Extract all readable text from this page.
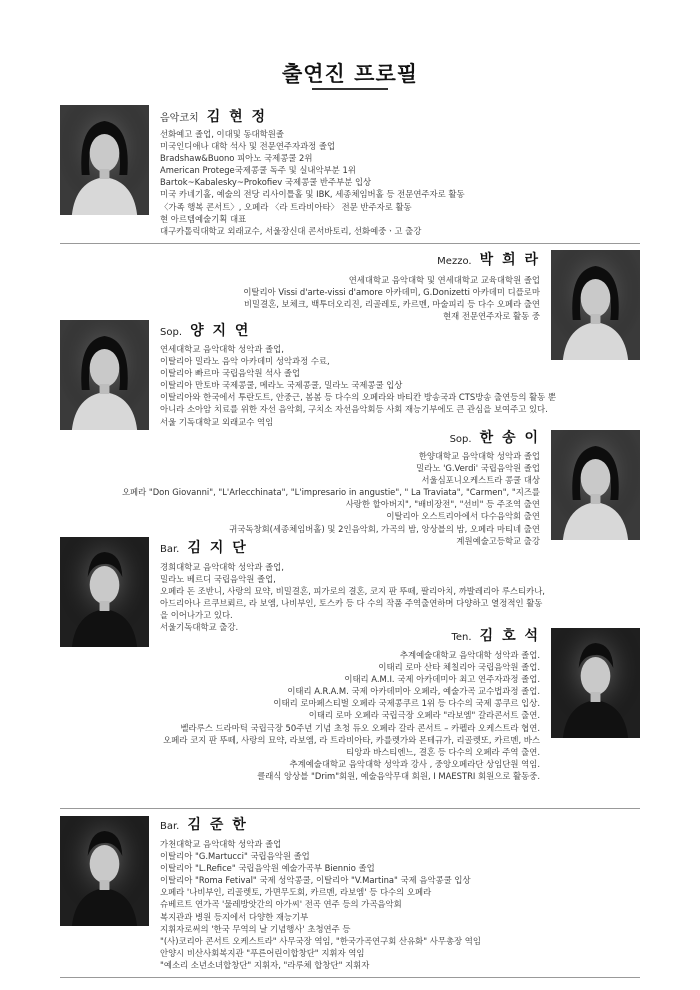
출연진 프로필
음악코치 김 현 정
선화예고 졸업, 이대및 동대학원졸
미국인디애나 대학 석사 및 전문연주자과정 졸업
Bradshaw&Buono 피아노 국제콩쿨 2위
American Protege국제콩쿨 독주 및 실내악부분 1위
Bartok~Kabalesky~Prokofiev 국제콩쿨 반주부분 입상
미국 카네기홀, 예술의 전당 리사이틀홀 및 IBK, 세종체임버홀 등 전문연주자로 활동
〈가족 행복 콘서트〉, 오페라 〈라 트라비아타〉 전문 반주자로 활동
현 아르템예술기획 대표
대구카톨릭대학교 외래교수, 서울장신대 콘서바토리, 선화예중ㆍ고 출강
Mezzo. 박 희 라
연세대학교 음악대학 및 연세대학교 교육대학원 졸업
이탈리아 Vissi d'arte-vissi d'amore 아카데미, G.Donizetti 아카데미 디플로마
비밀결혼, 보체크, 백투더오리진, 리골레토, 카르멘, 마술피리 등 다수 오페라 출연
현재 전문연주자로 활동 중
Sop. 양 지 연
연세대학교 음악대학 성악과 졸업,
이탈리아 밀라노 음악 아카데미 성악과정 수료,
이탈리아 빠르마 국립음악원 석사 졸업
이탈리아 만토바 국제콩쿨, 메라노 국제콩쿨, 밀라노 국제콩쿨 입상
이탈리아와 한국에서 투란도트, 안중근, 봄봄 등 다수의 오페라와 바티칸 방송국과 CTS방송 출연등의 활동 뿐 아니라 소아암 치료를 위한 자선 음악회, 구치소 자선음악회등 사회 재능기부에도 큰 관심을 보여주고 있다.
서울 기독대학교 외래교수 역임
Sop. 한 송 이
한양대학교 음악대학 성악과 졸업
밀라노 'G.Verdi' 국립음악원 졸업
서울심포니오케스트라 콩쿨 대상
오페라 "Don Giovanni", "L'Arlecchinata", "L'impresario in angustie", " La Traviata", "Carmen", "지즈를
사랑한 할아버지", "배비장전", "선비" 등 주조역 출연
이탈리아 오스트리아에서 다수음악회 출연
귀국독창회(세종체임버홀) 및 2인음악회, 가곡의 밤, 앙상블의 밤, 오페라 마티네 출연
계원예술고등학교 출강
Bar. 김 지 단
경희대학교 음악대학 성악과 졸업,
밀라노 베르디 국립음악원 졸업,
오페라 돈 조반니, 사랑의 묘약, 비밀결혼, 피가로의 결혼, 코지 판 뚜떼, 팔리아치, 까발레리아 루스티카나, 아드리아나 르쿠브뢰르, 라 보엠, 나비부인, 토스카 등 다 수의 작품 주역출연하며 다양하고 열정적인 활동을 이어나가고 있다.
서울기독대학교 출강.
Ten. 김 호 석
추계예술대학교 음악대학 성악과 졸업.
이태리 로마 산타 체칠리아 국립음악원 졸업.
이태리 A.M.I. 국제 아카데미아 최고 연주자과정 졸업.
이태리 A.R.A.M. 국제 아카데미아 오페라, 예술가곡 교수법과정 졸업.
이태리 로마페스티벌 오페라 국제콩쿠르 1위 등 다수의 국제 콩쿠르 입상.
이태리 로마 오페라 국립극장 오페라 "라보엠" 갈라콘서트 출연.
벨라루스 드라마틱 국립극장 50주년 기념 초청 듀오 오페라 갈라 콘서트 – 카펠라 오케스트라 협연.
오페라 코지 판 뚜떼, 사랑의 묘약, 라보엠, 라 트라비아타, 카를렛가와 몬테규가, 리골렛또, 카르멘, 바스
티앙과 바스티엔느, 결혼 등 다수의 오페라 주역 출연.
추계예술대학교 음악대학 성악과 강사 , 중앙오페라단 상임단원 역임.
클래식 앙상블 "Drim"회원, 예술음악무대 회원, I MAESTRI 회원으로 활동중.
Bar. 김 준 한
가천대학교 음악대학 성악과 졸업
이탈리아 "G.Martucci" 국립음악원 졸업
이탈리아 "L.Refice" 국립음악원 예술가곡부 Biennio 졸업
이탈리아 "Roma Fetival" 국제 성악콩쿨, 이탈리아 "V.Martina" 국제 음악콩쿨 입상
오페라 '나비부인, 리골렛토, 가면무도회, 카르멘, 라보엠' 등 다수의 오페라
슈베르트 연가곡 '물레방앗간의 아가씨' 전곡 연주 등의 가곡음악회
복지관과 병원 등지에서 다양한 재능기부
지휘자로써의 '한국 무역의 날 기념행사' 초청연주 등
"(사)코리아 콘서트 오케스트라" 사무국장 역임, "한국가곡연구회 산유화" 사무총장 역임
안양시 비산사회복지관 "푸른어린이합창단" 지휘자 역임
"예소리 소년소녀합창단" 지휘자, "라루체 합창단" 지휘자
